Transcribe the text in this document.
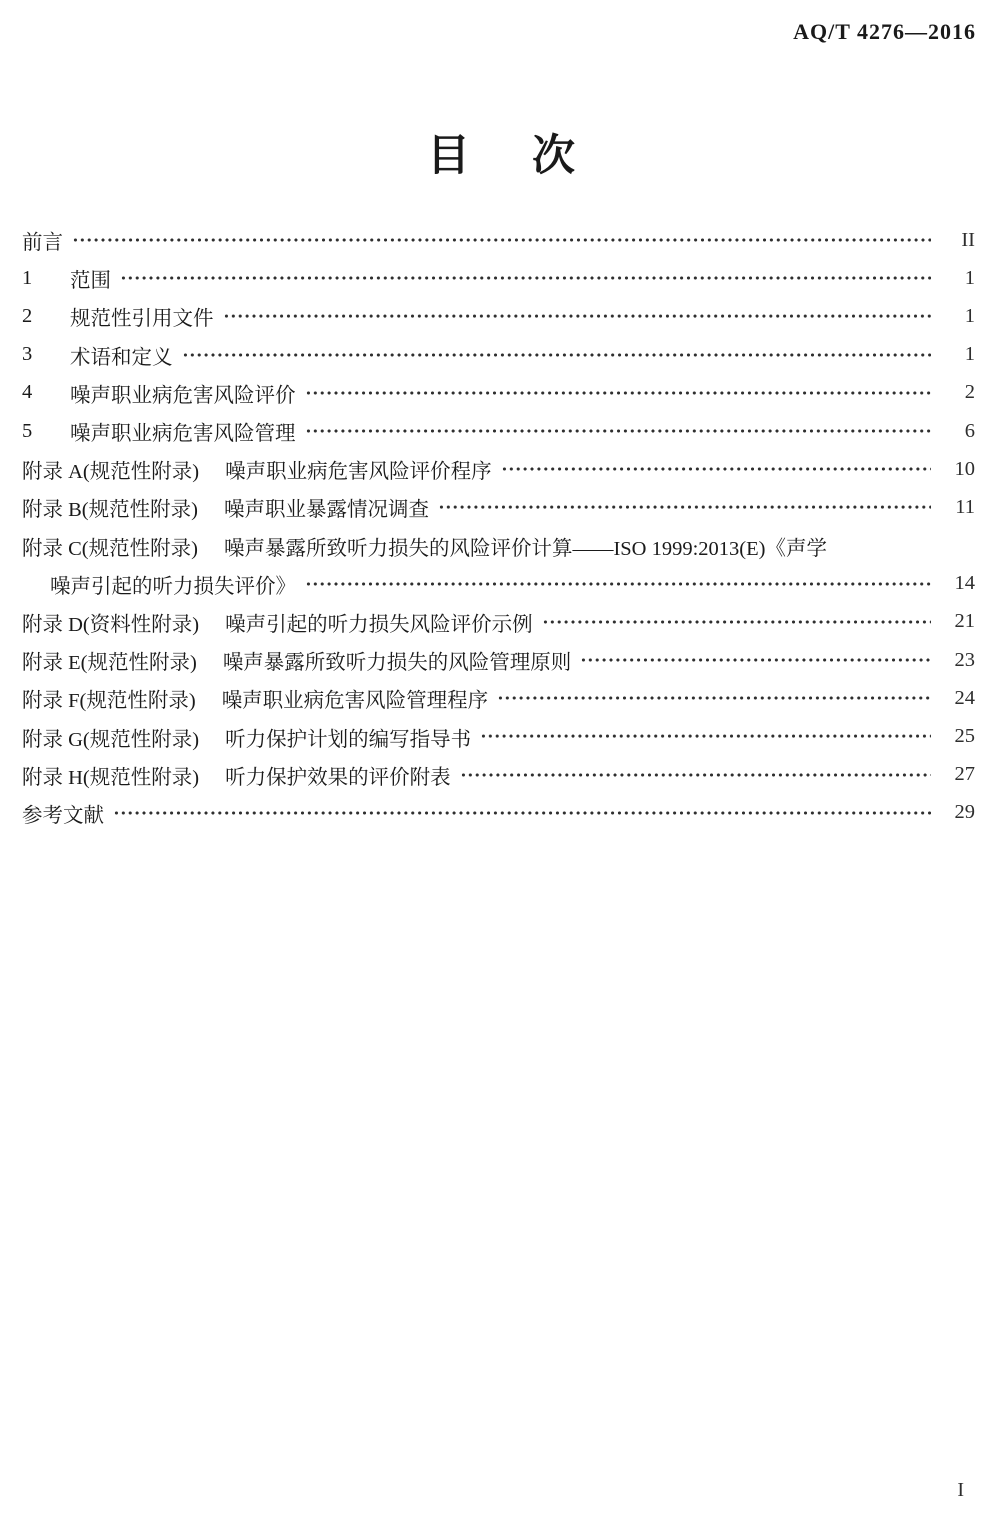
AQ/T 4276—2016
目 次
前言	II
1	范围	1
2	规范性引用文件	1
3	术语和定义	1
4	噪声职业病危害风险评价	2
5	噪声职业病危害风险管理	6
附录 A(规范性附录) 噪声职业病危害风险评价程序	10
附录 B(规范性附录) 噪声职业暴露情况调查	11
附录 C(规范性附录) 噪声暴露所致听力损失的风险评价计算——ISO 1999:2013(E)《声学
噪声引起的听力损失评价》	14
附录 D(资料性附录) 噪声引起的听力损失风险评价示例	21
附录 E(规范性附录) 噪声暴露所致听力损失的风险管理原则	23
附录 F(规范性附录) 噪声职业病危害风险管理程序	24
附录 G(规范性附录) 听力保护计划的编写指导书	25
附录 H(规范性附录) 听力保护效果的评价附表	27
参考文献	29
I
